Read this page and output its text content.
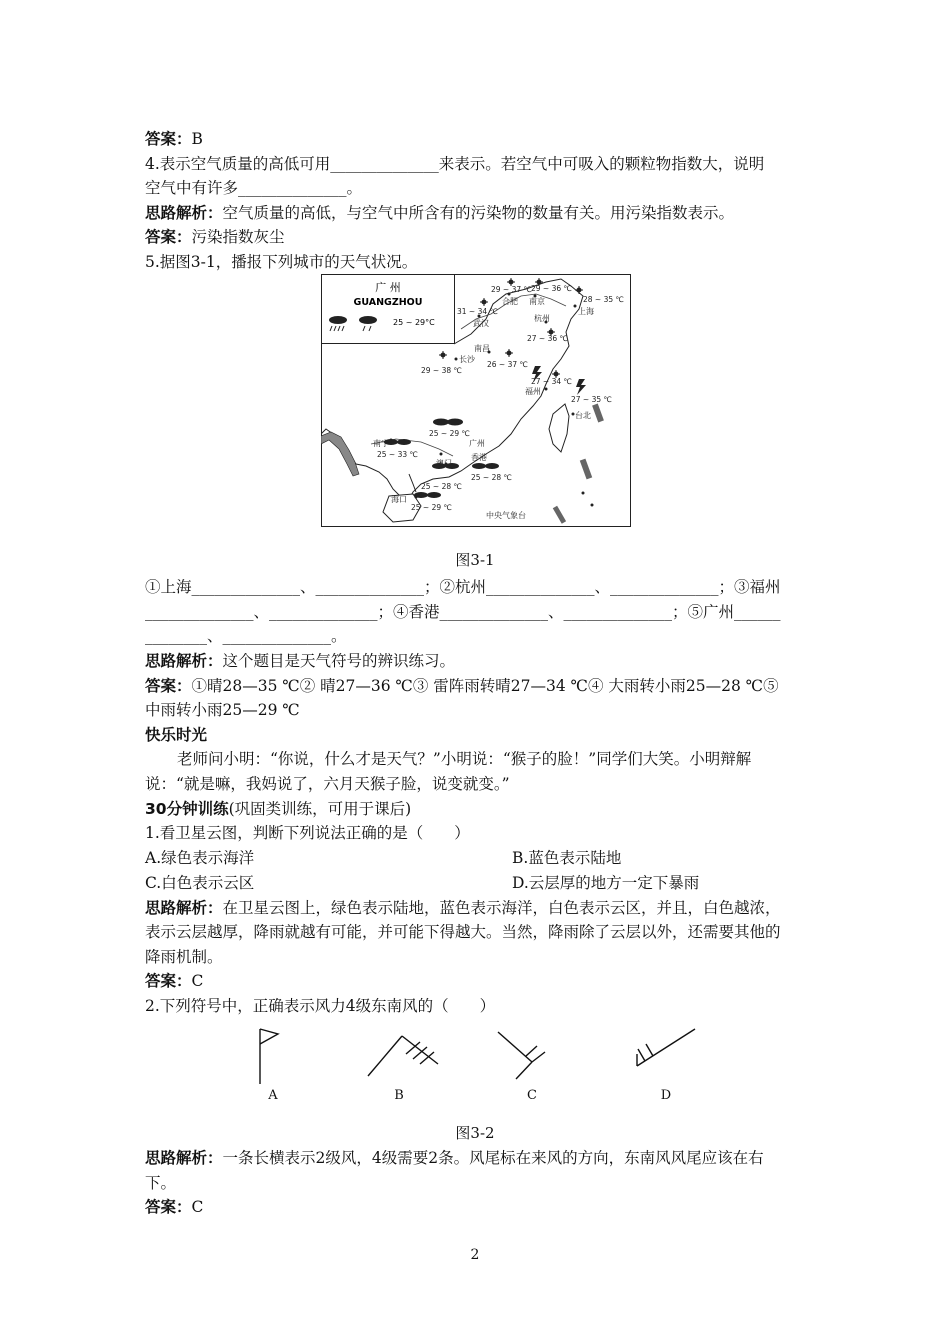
答案：B
4.表示空气质量的高低可用______________来表示。若空气中可吸入的颗粒物指数大，说明
空气中有许多______________。
思路解析：空气质量的高低，与空气中所含有的污染物的数量有关。用污染指数表示。
答案：污染指数灰尘
5.据图3-1，播报下列城市的天气状况。
广 州
GUANGZHOU
25 ~ 29°C
合肥 南京
上海
武汉
杭州
南昌
长沙
福州
台北
南宁	广州
香港
澳门
海口
中央气象台
29 ~ 37 ℃ 29 ~ 36 ℃
28 ~ 35 ℃
31 ~ 34 ℃
27 ~ 36 ℃
26 ~ 37 ℃
29 ~ 38 ℃
27 ~ 34 ℃
27 ~ 35 ℃
25 ~ 29 ℃
25 ~ 33 ℃
25 ~ 28 ℃
25 ~ 28 ℃
25 ~ 29 ℃
图3-1
①上海______________、______________；②杭州______________、______________；③福州
______________、______________；④香港______________、______________；⑤广州______
________、______________。
思路解析：这个题目是天气符号的辨识练习。
答案：①晴28—35 ℃② 晴27—36 ℃③ 雷阵雨转晴27—34 ℃④ 大雨转小雨25—28 ℃⑤
中雨转小雨25—29 ℃
快乐时光
老师问小明：“你说，什么才是天气？”小明说：“猴子的脸！”同学们大笑。小明辩解
说：“就是嘛，我妈说了，六月天猴子脸，说变就变。”
30分钟训练(巩固类训练，可用于课后)
1.看卫星云图，判断下列说法正确的是（　　）
A.绿色表示海洋	B.蓝色表示陆地
C.白色表示云区	D.云层厚的地方一定下暴雨
思路解析：在卫星云图上，绿色表示陆地，蓝色表示海洋，白色表示云区，并且，白色越浓，
表示云层越厚，降雨就越有可能，并可能下得越大。当然，降雨除了云层以外，还需要其他的
降雨机制。
答案：C
2.下列符号中，正确表示风力4级东南风的（　　）
A	B	C	D
图3-2
思路解析：一条长横表示2级风，4级需要2条。风尾标在来风的方向，东南风风尾应该在右
下。
答案：C
2
